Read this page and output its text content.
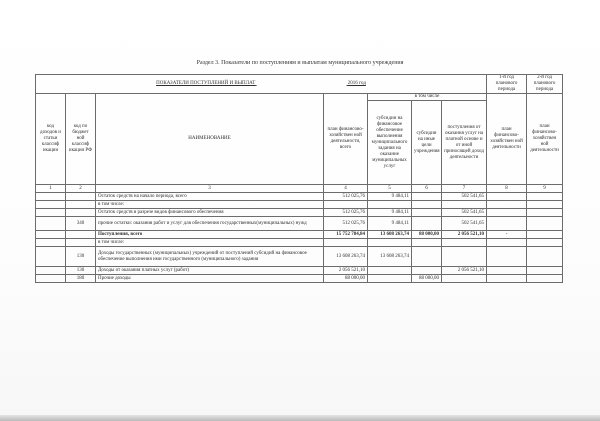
Раздел 3. Показатели по поступлениям и выплатам муниципального учреждения
ПОКАЗАТЕЛИ ПОСТУПЛЕНИЙ И ВЫПЛАТ 2016 год							1-й год планового периода	2-й год планового периода
код доходов и статьи классиф икации	код по бюджет ной классиф икации РФ	НАИМЕНОВАНИЕ	план финансово-хозяйствен ной деятельности, всего	в том числе			план финансово-хозяйствен ной деятельности	план финансово-хозяйствен ной деятельности
				субсидии на финансовое обеспечение выполнения муниципального задания на оказание муниципальных услуг	субсидии на иные цели учреждения	поступления от оказания услуг на платной основе и от иной приносящей доход деятельности		
1	2	3	4	5	6	7	8	9
		Остаток средств на начало периода, всего	512 025,76	9 484,11		502 541,65		
		в том числе:						
		Остаток средств в разрезе видов финансового обеспечения	512 025,76	9 484,11		502 541,65		
	340	прочие остатки: оказания работ и услуг для обеспечения государственных(муниципальных) нужд	512 025,76	9 484,11		502 541,65		
		Поступления, всего	15 752 784,84	13 608 263,74	88 000,00	2 056 521,10	-	
		в том числе:						
	130	Доходы государственных (муниципальных) учреждений от поступлений субсидий на финансовое обеспечение выполнения ими государственного (муниципального) задания	13 608 263,74	13 608 263,74				
	130	Доходы от оказания платных услуг (работ)	2 056 521,10			2 056 521,10		
	180	Прочие доходы	88 000,00		88 000,00			
